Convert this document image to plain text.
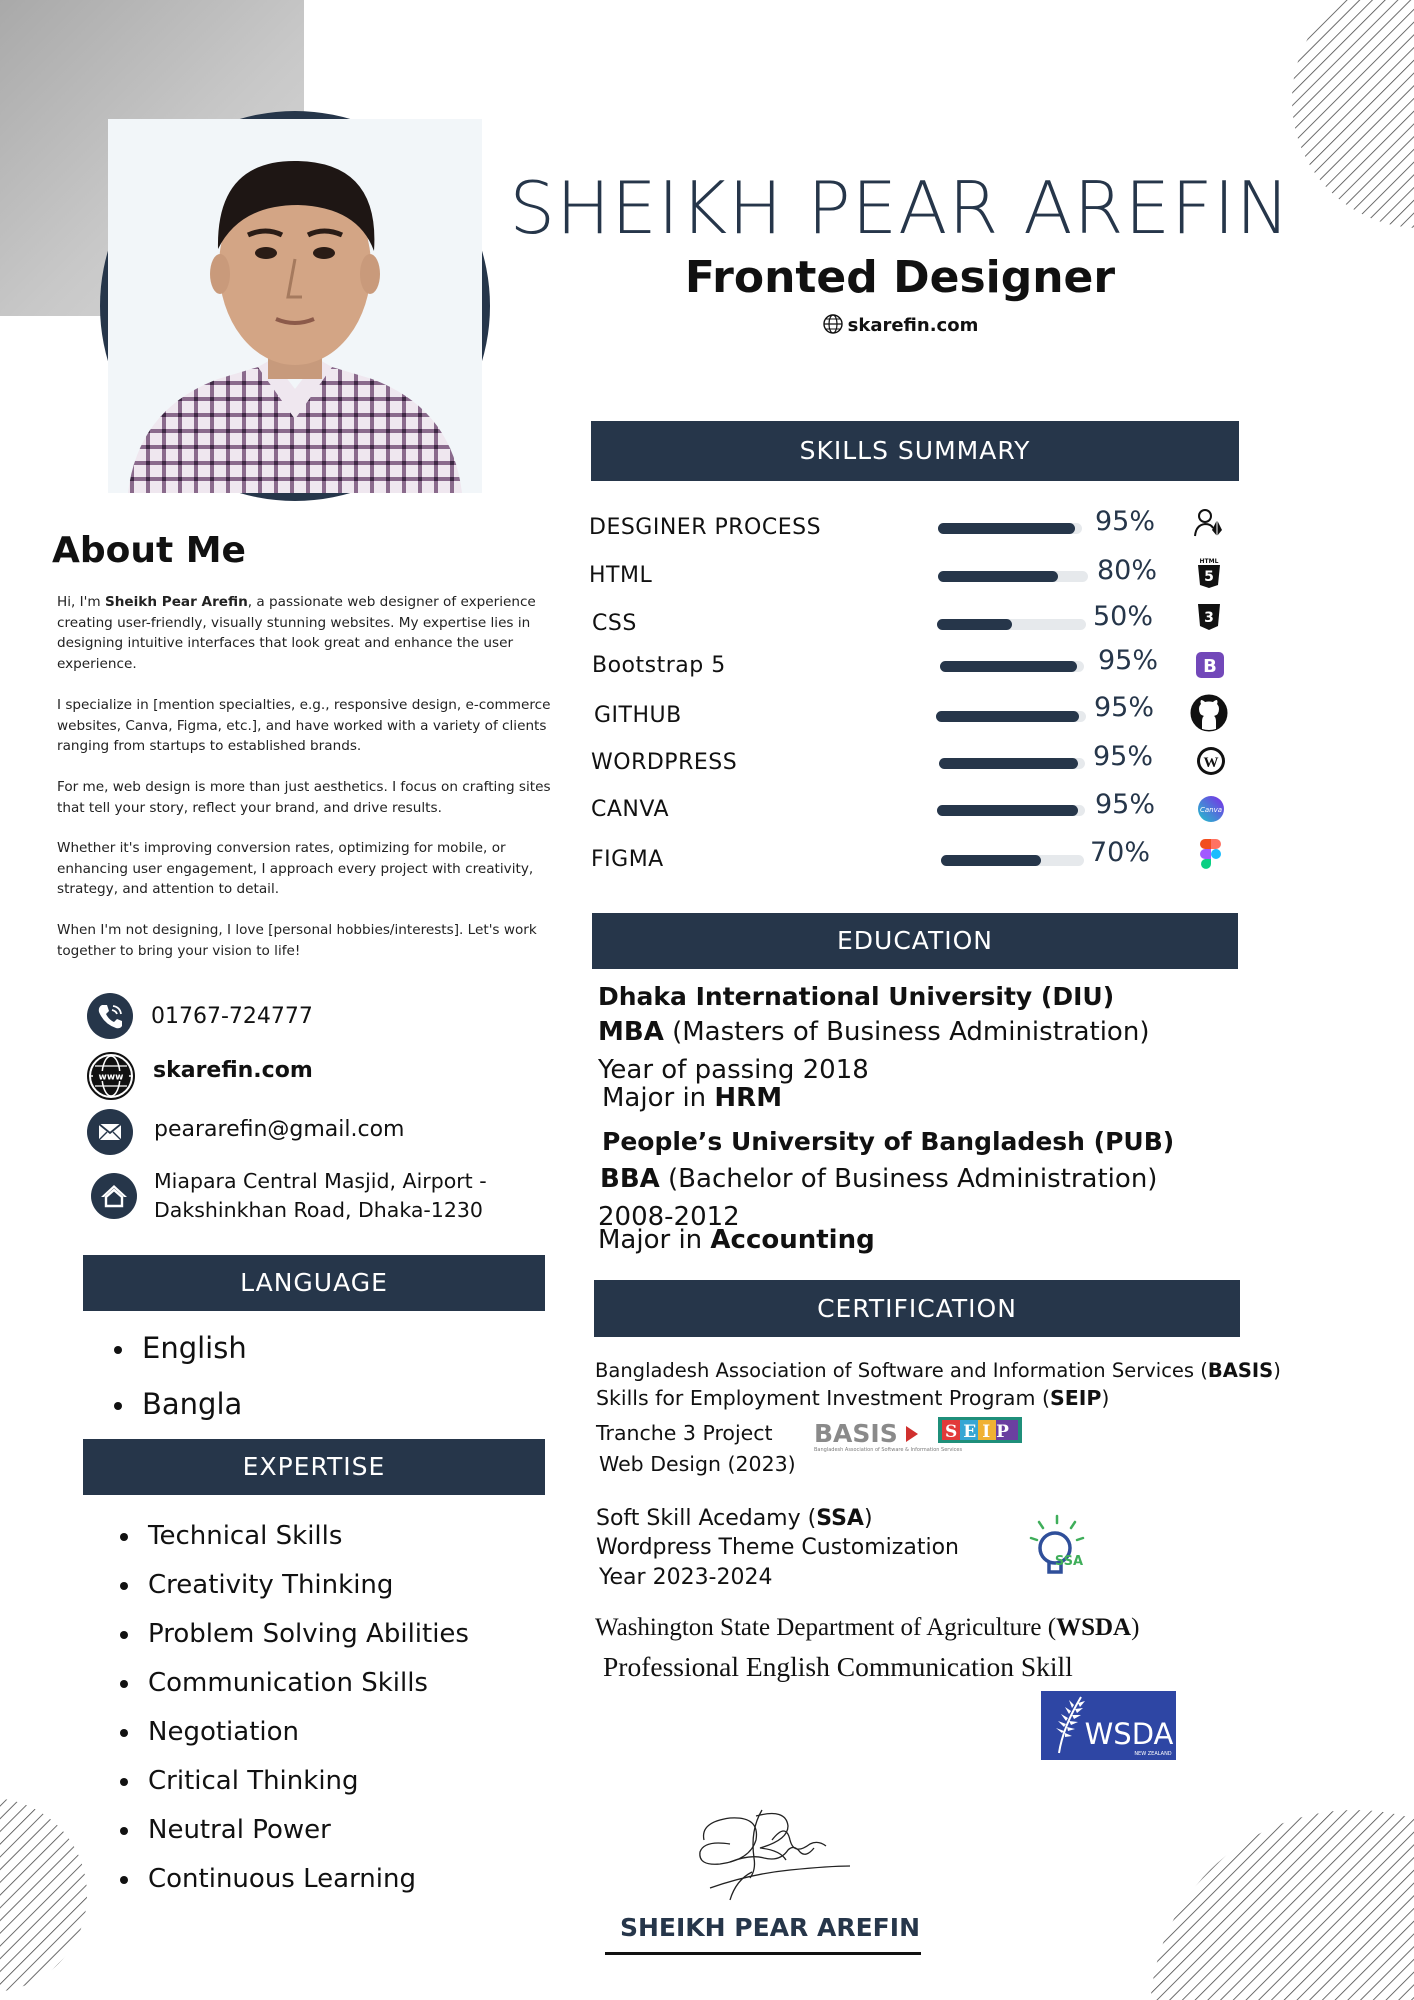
SHEIKH PEAR AREFIN
Fronted Designer
skarefin.com
About Me

Hi, I'm Sheikh Pear Arefin, a passionate web designer of experience creating user-friendly, visually stunning websites. My expertise lies in designing intuitive interfaces that look great and enhance the user experience.

I specialize in [mention specialties, e.g., responsive design, e-commerce websites, Canva, Figma, etc.], and have worked with a variety of clients ranging from startups to established brands.

For me, web design is more than just aesthetics. I focus on crafting sites that tell your story, reflect your brand, and drive results.

Whether it's improving conversion rates, optimizing for mobile, or enhancing user engagement, I approach every project with creativity, strategy, and attention to detail.

When I'm not designing, I love [personal hobbies/interests]. Let's work together to bring your vision to life!

01767-724777
www skarefin.com
peararefin@gmail.com
Miapara Central Masjid, Airport -
Dakshinkhan Road, Dhaka-1230
LANGUAGE
English
Bangla
EXPERTISE
Technical Skills
Creativity Thinking
Problem Solving Abilities
Communication Skills
Negotiation
Critical Thinking
Neutral Power
Continuous Learning
SKILLS SUMMARY
DESGINER PROCESS	95%
HTML	80%
CSS	50%
Bootstrap 5	95%
GITHUB	95%
WORDPRESS	95%
CANVA	95%
FIGMA	70%
HTML
5
3
B
W
Canva
EDUCATION
Dhaka International University (DIU)
MBA (Masters of Business Administration)
Year of passing 2018
Major in HRM
People’s University of Bangladesh (PUB)
BBA (Bachelor of Business Administration)
2008-2012
Major in Accounting
CERTIFICATION
Bangladesh Association of Software and Information Services (BASIS)
Skills for Employment Investment Program (SEIP)
Tranche 3 Project
Web Design (2023)
BASIS
Bangladesh Association of Software & Information Services
SEIP
Soft Skill Acedamy (SSA)
Wordpress Theme Customization
Year 2023-2024
SSA
Washington State Department of Agriculture (WSDA)
Professional English Communication Skill
WSDA
NEW ZEALAND
SHEIKH PEAR AREFIN
